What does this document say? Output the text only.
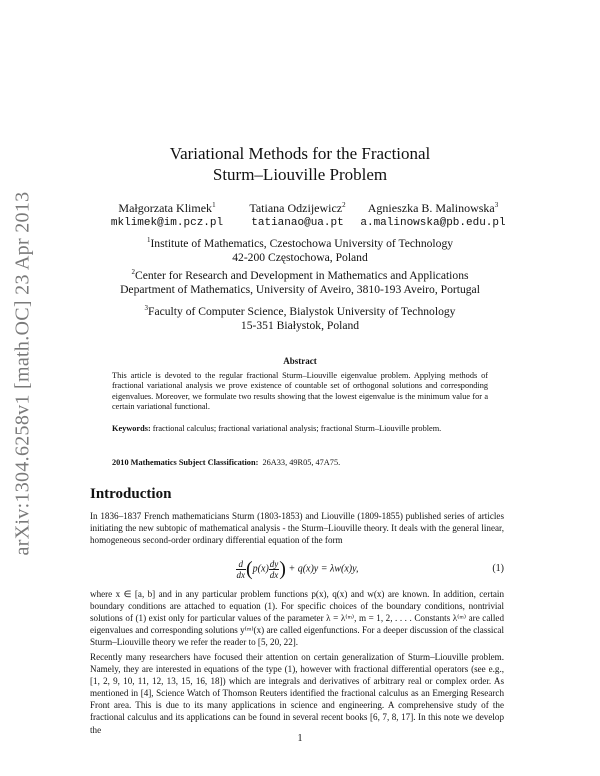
arXiv:1304.6258v1 [math.OC] 23 Apr 2013
Variational Methods for the Fractional
Sturm–Liouville Problem
Małgorzata Klimek$^1$
mklimek@im.pcz.pl
Tatiana Odzijewicz$^2$
tatianao@ua.pt
Agnieszka B. Malinowska$^3$
a.malinowska@pb.edu.pl
$^1$Institute of Mathematics, Czestochowa University of Technology
42-200 Częstochowa, Poland
$^2$Center for Research and Development in Mathematics and Applications
Department of Mathematics, University of Aveiro, 3810-193 Aveiro, Portugal
$^3$Faculty of Computer Science, Bialystok University of Technology
15-351 Białystok, Poland
Abstract
This article is devoted to the regular fractional Sturm–Liouville eigenvalue problem. Applying methods of fractional variational analysis we prove existence of countable set of orthogonal solutions and corresponding eigenvalues. Moreover, we formulate two results showing that the lowest eigenvalue is the minimum value for a certain variational functional.
Keywords: fractional calculus; fractional variational analysis; fractional Sturm–Liouville problem.
2010 Mathematics Subject Classification: 26A33, 49R05, 47A75.
Introduction
In 1836–1837 French mathematicians Sturm (1803-1853) and Liouville (1809-1855) published series of articles initiating the new subtopic of mathematical analysis - the Sturm–Liouville theory. It deals with the general linear, homogeneous second-order ordinary differential equation of the form
$\frac{d}{dx} (p(x) \frac{dy}{dx}$ ) + q(x)y = λw(x)y,	(1)
where x ∈ [a, b] and in any particular problem functions p(x), q(x) and w(x) are known. In addition, certain boundary conditions are attached to equation (1). For specific choices of the boundary conditions, nontrivial solutions of (1) exist only for particular values of the parameter λ = λ⁽ᵐ⁾, m = 1, 2, . . . . Constants λ⁽ᵐ⁾ are called eigenvalues and corresponding solutions y⁽ᵐ⁾(x) are called eigenfunctions. For a deeper discussion of the classical Sturm–Liouville theory we refer the reader to [5, 20, 22].
Recently many researchers have focused their attention on certain generalization of Sturm–Liouville problem. Namely, they are interested in equations of the type (1), however with fractional differential operators (see e.g., [1, 2, 9, 10, 11, 12, 13, 15, 16, 18]) which are integrals and derivatives of arbitrary real or complex order. As mentioned in [4], Science Watch of Thomson Reuters identified the fractional calculus as an Emerging Research Front area. This is due to its many applications in science and engineering. A comprehensive study of the fractional calculus and its applications can be found in several recent books [6, 7, 8, 17]. In this note we develop the
1
